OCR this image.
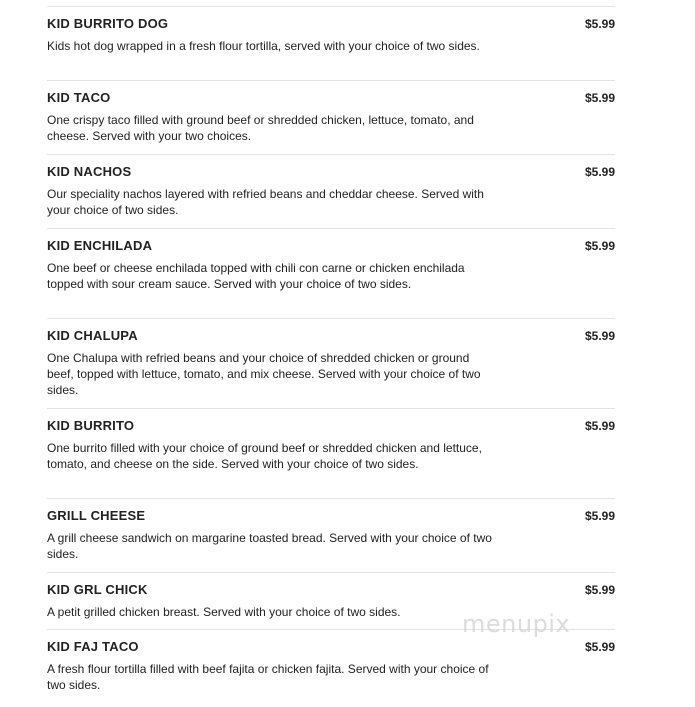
KID BURRITO DOG	$5.99
Kids hot dog wrapped in a fresh flour tortilla, served with your choice of two sides.
KID TACO	$5.99
One crispy taco filled with ground beef or shredded chicken, lettuce, tomato, and cheese. Served with your two choices.
KID NACHOS	$5.99
Our speciality nachos layered with refried beans and cheddar cheese. Served with your choice of two sides.
KID ENCHILADA	$5.99
One beef or cheese enchilada topped with chili con carne or chicken enchilada topped with sour cream sauce. Served with your choice of two sides.
KID CHALUPA	$5.99
One Chalupa with refried beans and your choice of shredded chicken or ground beef, topped with lettuce, tomato, and mix cheese. Served with your choice of two sides.
KID BURRITO	$5.99
One burrito filled with your choice of ground beef or shredded chicken and lettuce, tomato, and cheese on the side. Served with your choice of two sides.
GRILL CHEESE	$5.99
A grill cheese sandwich on margarine toasted bread. Served with your choice of two sides.
KID GRL CHICK	$5.99
A petit grilled chicken breast. Served with your choice of two sides.
KID FAJ TACO	$5.99
A fresh flour tortilla filled with beef fajita or chicken fajita. Served with your choice of two sides.
menupix
